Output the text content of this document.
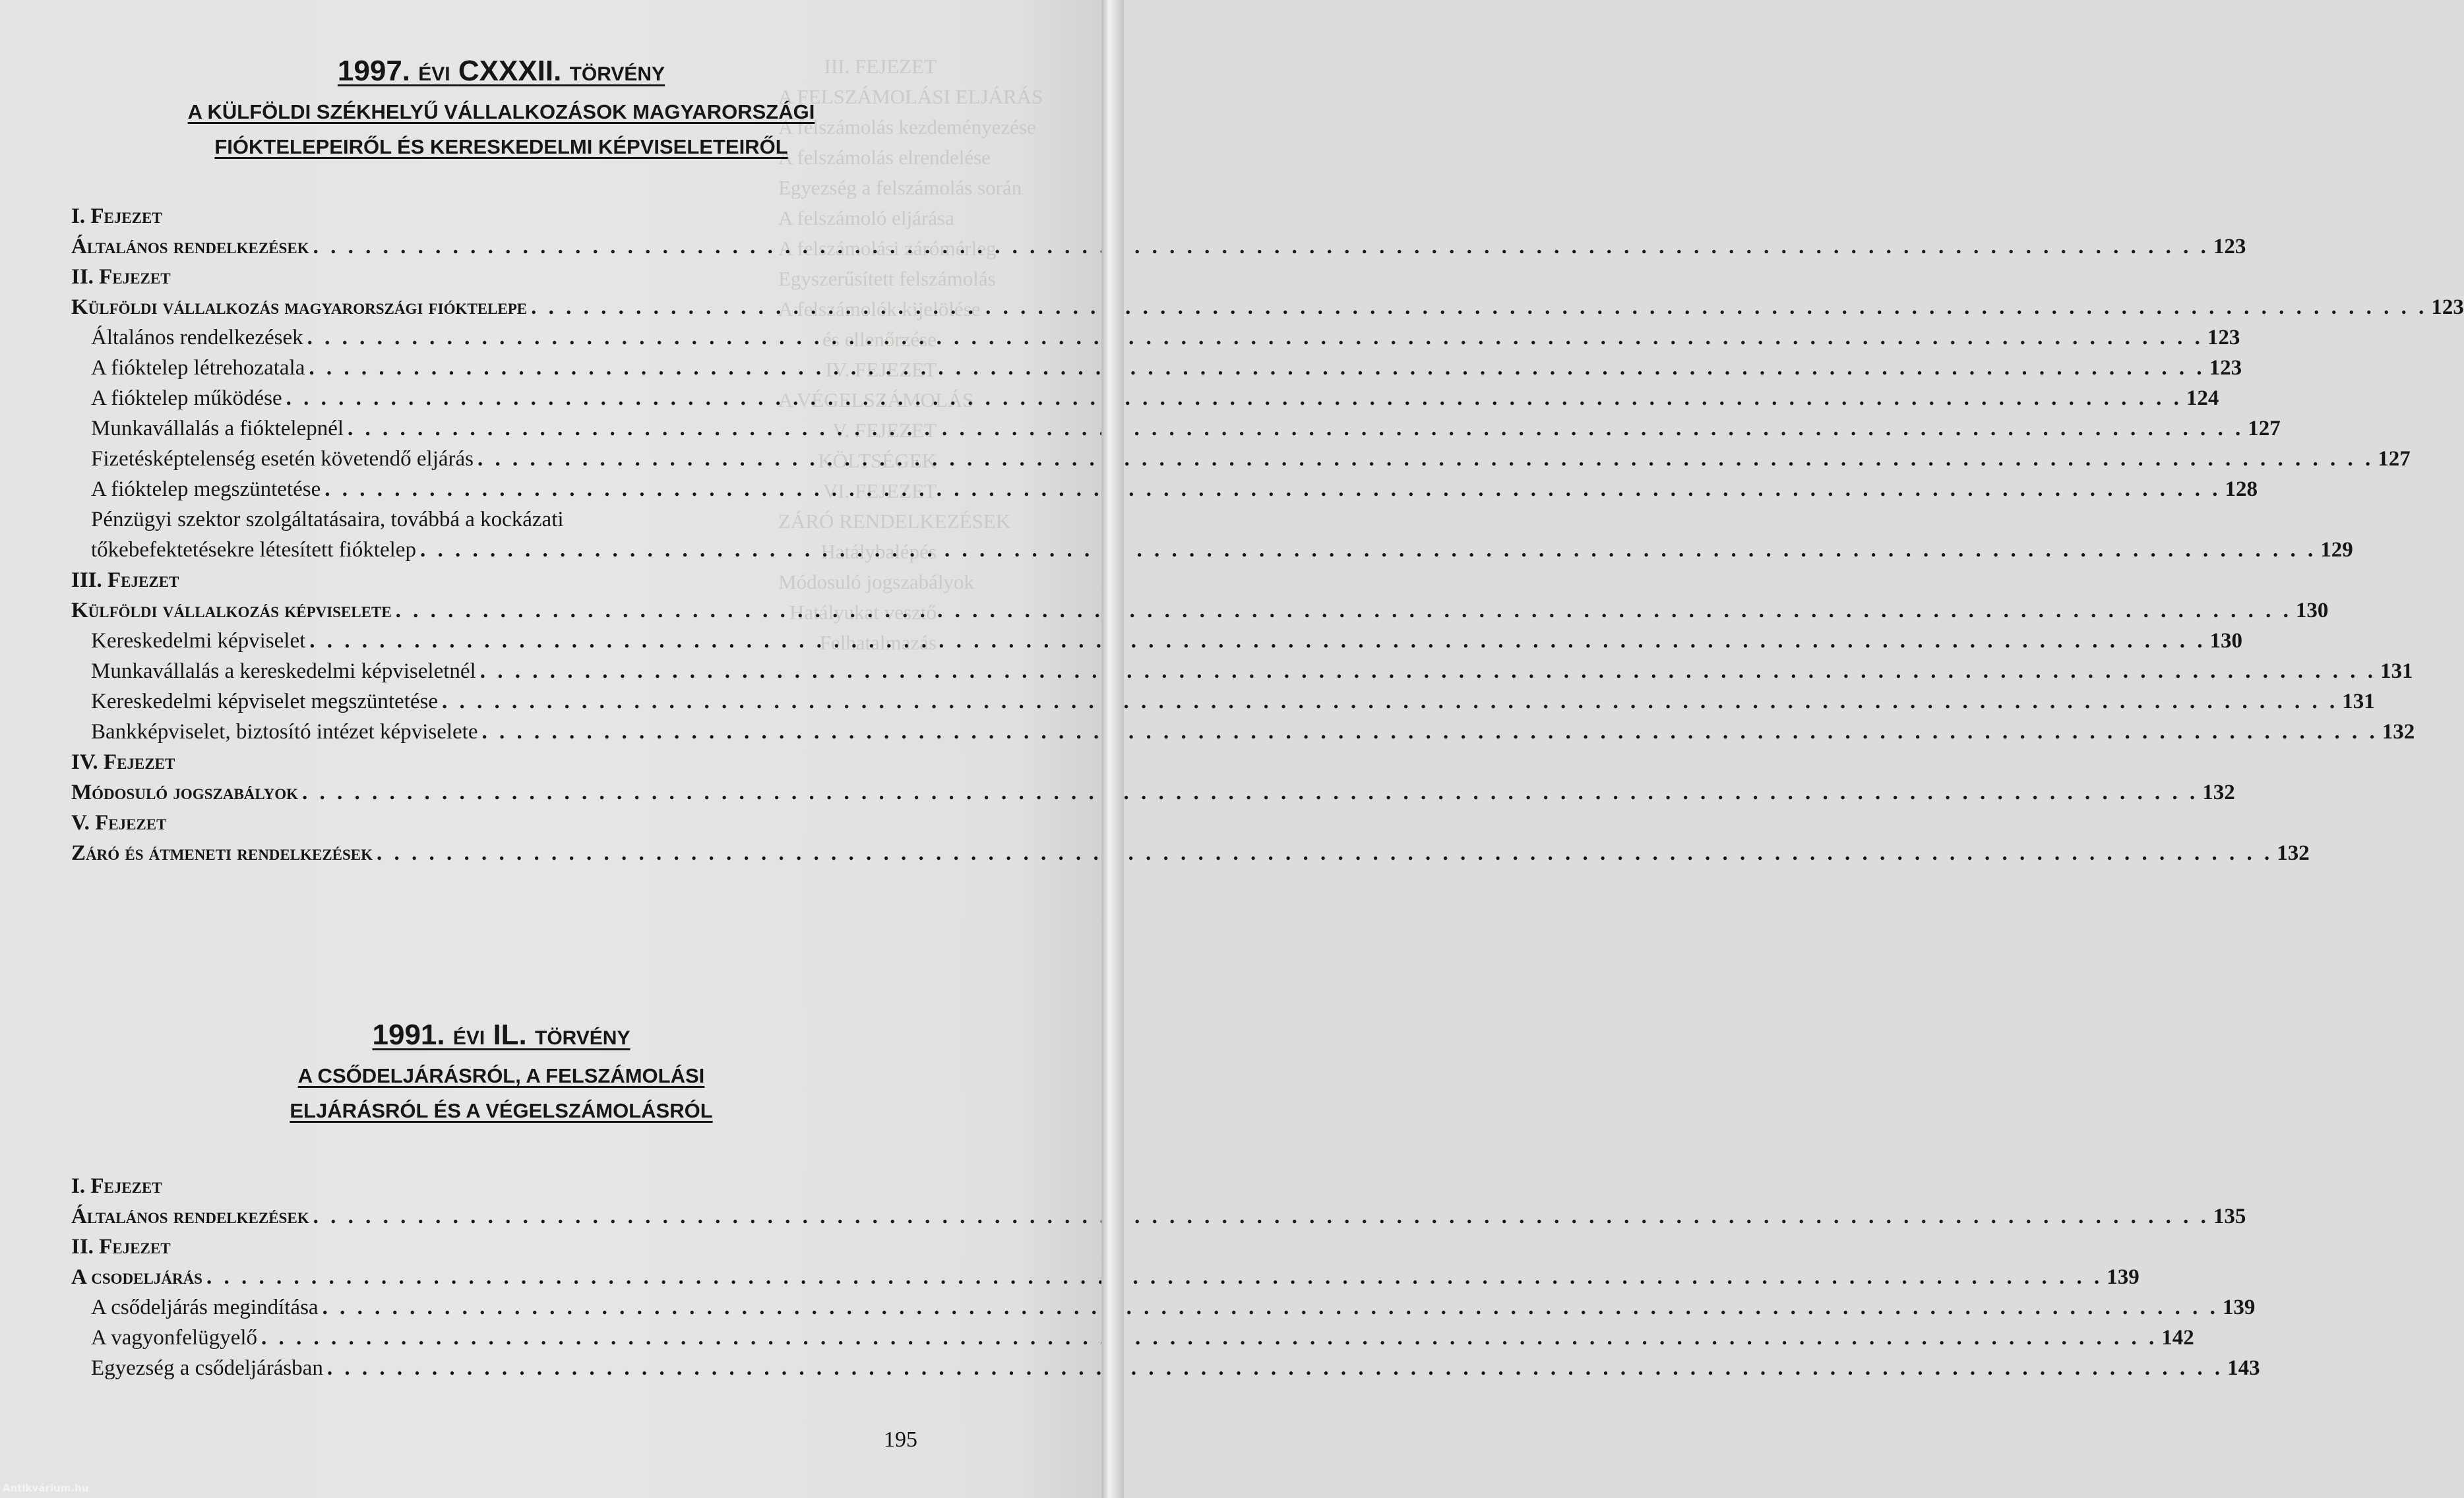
III. FEJEZET
A FELSZÁMOLÁSI ELJÁRÁS
A felszámolás kezdeményezése
A felszámolás elrendelése
Egyezség a felszámolás során
A felszámoló eljárása
A felszámolási zárómérleg
Egyszerűsített felszámolás
A felszámolók kijelölése
és ellenőrzése
IV. FEJEZET
A VÉGELSZÁMOLÁS
V. FEJEZET
KÖLTSÉGEK
VI. FEJEZET
ZÁRÓ RENDELKEZÉSEK
Hatálybalépés
Módosuló jogszabályok
Hatályukat vesztő
Felhatalmazás
1997. ÉVI CXXXII. TÖRVÉNY
A KÜLFÖLDI SZÉKHELYŰ VÁLLALKOZÁSOK MAGYARORSZÁGI
FIÓKTELEPEIRŐL ÉS KERESKEDELMI KÉPVISELETEIRŐL
I. Fejezet
Általános rendelkezések . . .	123
II. Fejezet
Külföldi vállalkozás magyarországi fióktelepe . . .	123
Általános rendelkezések . . .	123
A fióktelep létrehozatala . . .	123
A fióktelep működése . . .	124
Munkavállalás a fióktelepnél . . .	127
Fizetésképtelenség esetén követendő eljárás . . .	127
A fióktelep megszüntetése . . .	128
Pénzügyi szektor szolgáltatásaira, továbbá a kockázati
tőkebefektetésekre létesített fióktelep . . .	129
III. Fejezet
Külföldi vállalkozás képviselete . . .	130
Kereskedelmi képviselet . . .	130
Munkavállalás a kereskedelmi képviseletnél . . .	131
Kereskedelmi képviselet megszüntetése . . .	131
Bankképviselet, biztosító intézet képviselete . . .	132
IV. Fejezet
Módosuló jogszabályok . . .	132
V. Fejezet
Záró és átmeneti rendelkezések . . .	132
1991. ÉVI IL. TÖRVÉNY
A CSŐDELJÁRÁSRÓL, A FELSZÁMOLÁSI
ELJÁRÁSRÓL ÉS A VÉGELSZÁMOLÁSRÓL
I. Fejezet
Általános rendelkezések . . .	135
II. Fejezet
A csodeljárás . . .	139
A csődeljárás megindítása . . .	139
A vagyonfelügyelő . . .	142
Egyezség a csődeljárásban . . .	143
195
Antikvárium.hu
